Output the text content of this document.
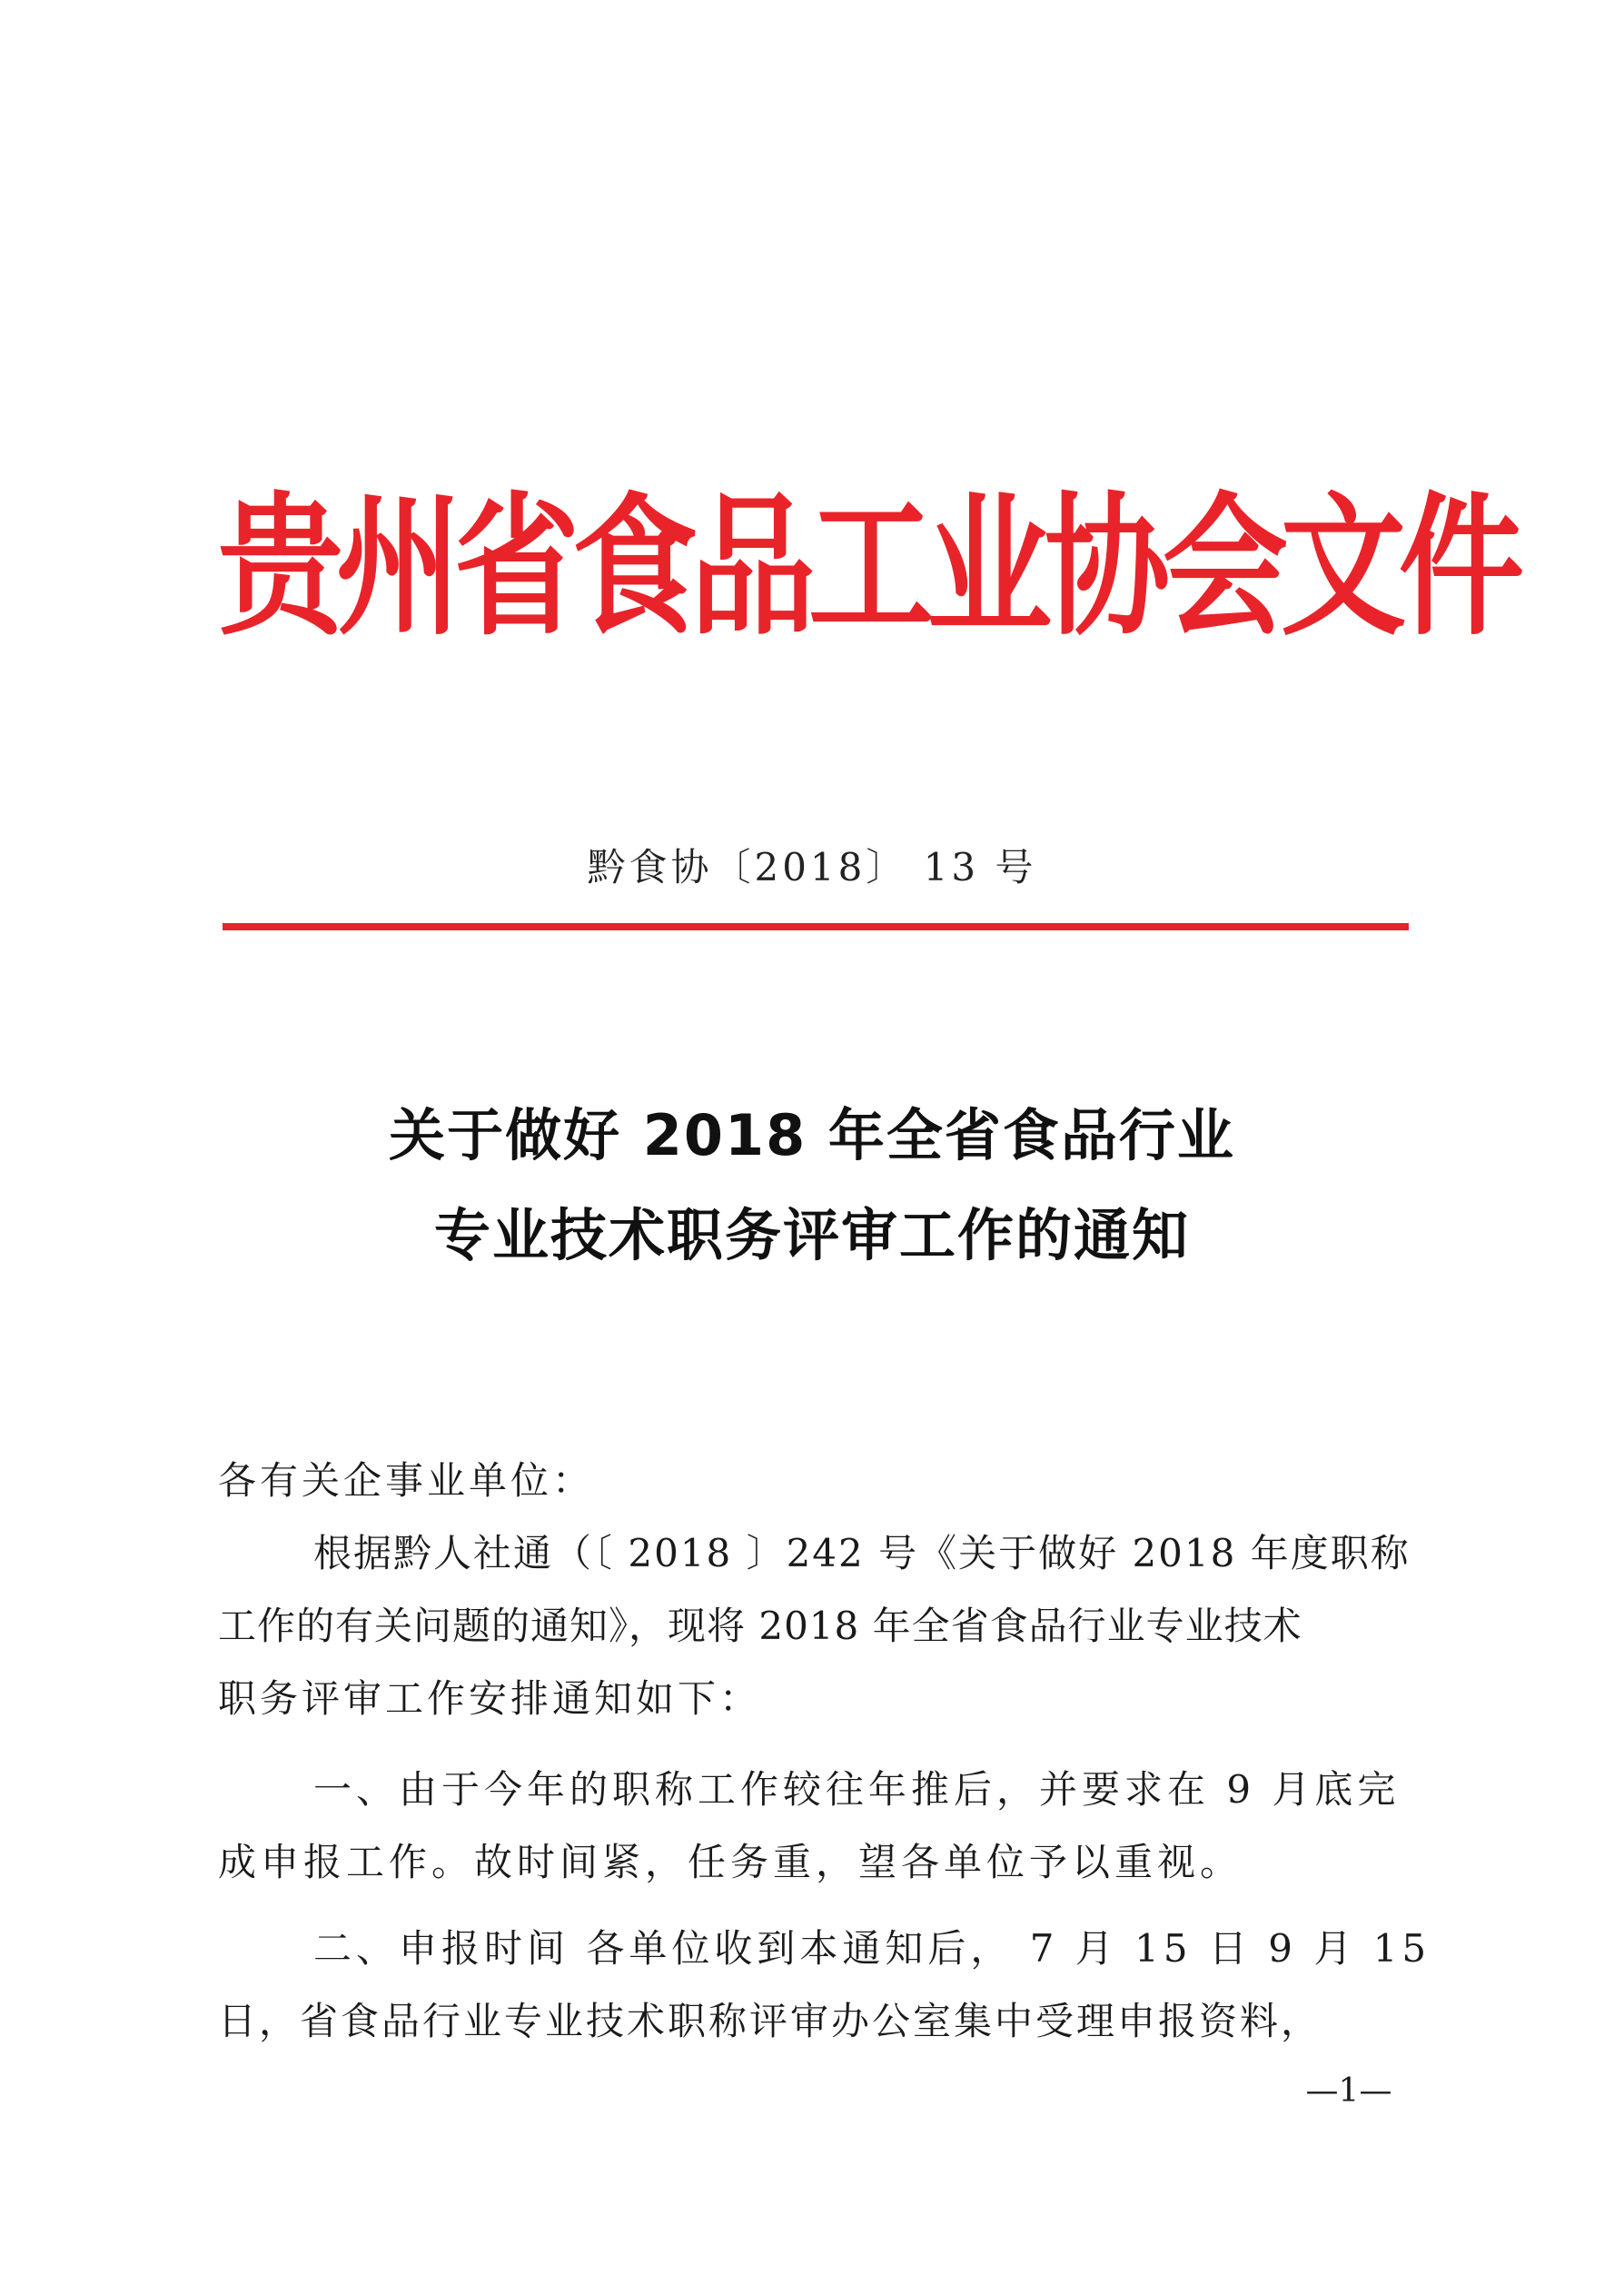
贵州省食品工业协会文件
黔食协〔2018〕 13 号
关于做好 2018 年全省食品行业
专业技术职务评审工作的通知
各有关企事业单位：
根据黔人社通（〔 2018 〕242 号《关于做好 2018 年度职称
工作的有关问题的通知》，现将 2018 年全省食品行业专业技术
职务评审工作安排通知如下：
一、由于今年的职称工作较往年推后，并要求在 9 月底完
成申报工作。故时间紧，任务重，望各单位予以重视。
二、申报时间 各单位收到本通知后， 7 月 15 日 9 月 15
日，省食品行业专业技术职称评审办公室集中受理申报资料，
—1—
